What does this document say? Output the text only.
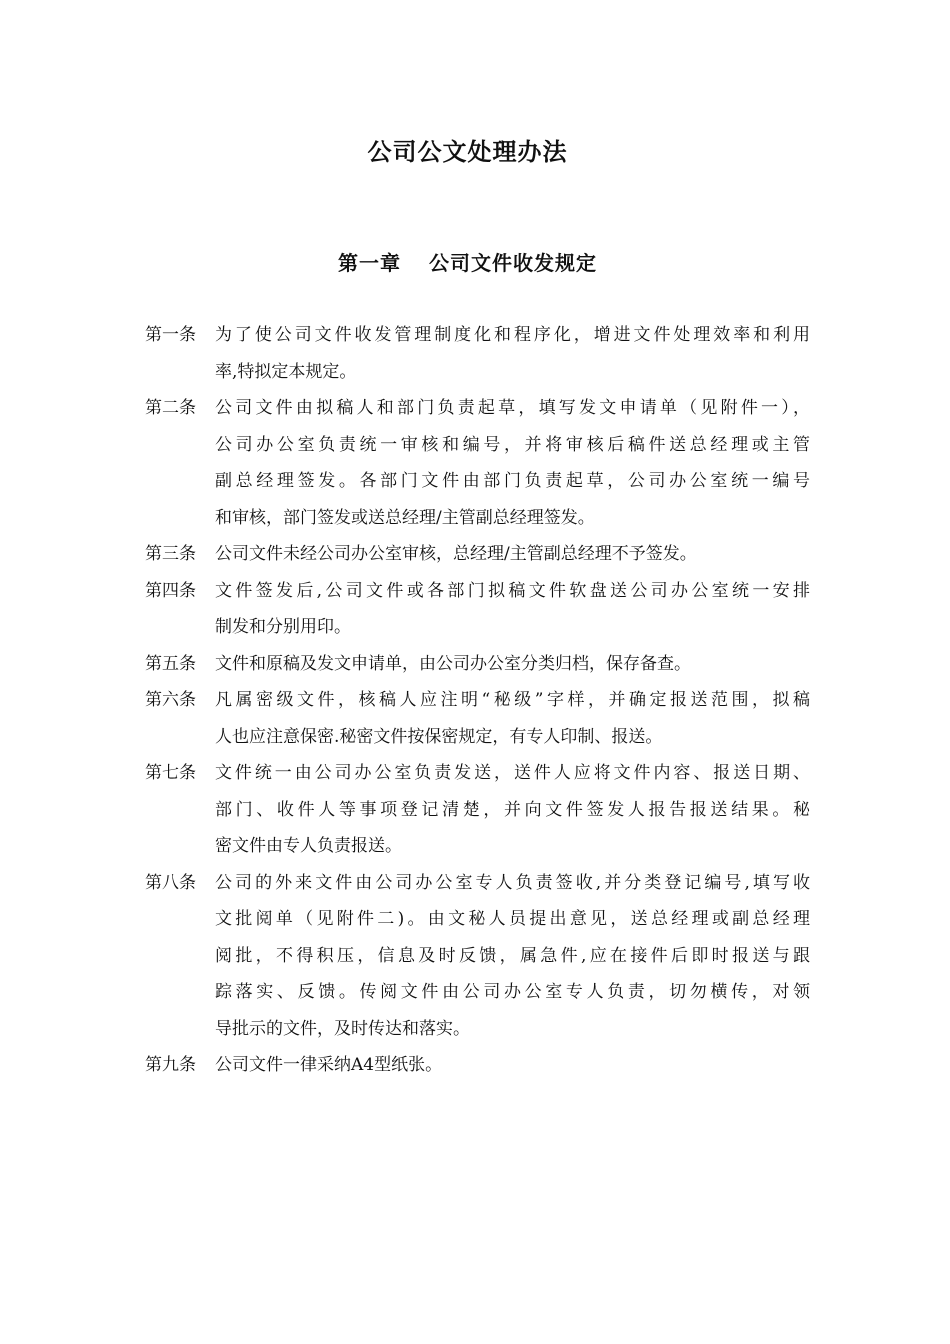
公司公文处理办法
第一章 公司文件收发规定
第一条	为了使公司文件收发管理制度化和程序化，增进文件处理效率和利用
率,特拟定本规定。
第二条	公司文件由拟稿人和部门负责起草，填写发文申请单（见附件一），
公司办公室负责统一审核和编号，并将审核后稿件送总经理或主管
副总经理签发。各部门文件由部门负责起草，公司办公室统一编号
和审核，部门签发或送总经理/主管副总经理签发。
第三条	公司文件未经公司办公室审核，总经理/主管副总经理不予签发。
第四条	文件签发后,公司文件或各部门拟稿文件软盘送公司办公室统一安排
制发和分别用印。
第五条	文件和原稿及发文申请单，由公司办公室分类归档，保存备查。
第六条	凡属密级文件，核稿人应注明“秘级”字样，并确定报送范围，拟稿
人也应注意保密.秘密文件按保密规定，有专人印制、报送。
第七条	文件统一由公司办公室负责发送，送件人应将文件内容、报送日期、
部门、收件人等事项登记清楚，并向文件签发人报告报送结果。秘
密文件由专人负责报送。
第八条	公司的外来文件由公司办公室专人负责签收,并分类登记编号,填写收
文批阅单（见附件二)。由文秘人员提出意见，送总经理或副总经理
阅批，不得积压，信息及时反馈，属急件,应在接件后即时报送与跟
踪落实、反馈。传阅文件由公司办公室专人负责，切勿横传，对领
导批示的文件，及时传达和落实。
第九条	公司文件一律采纳A4型纸张。
